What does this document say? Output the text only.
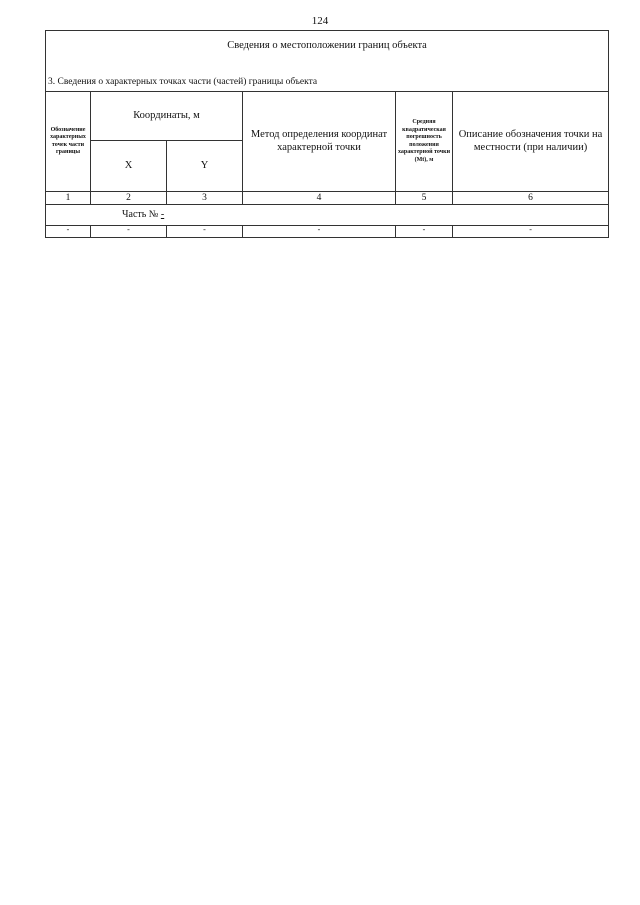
124
Сведения о местоположении границ объекта					
3. Сведения о характерных точках части (частей) границы объекта					
Обозначение характерных точек части границы	Координаты, м		Метод определения координат характерной точки	Средняя квадратическая погрешность положения характерной точки (Mt), м	Описание обозначения точки на местности (при наличии)
	X	Y			
1	2	3	4	5	6
Часть № -					
-	-	-	-	-	-
